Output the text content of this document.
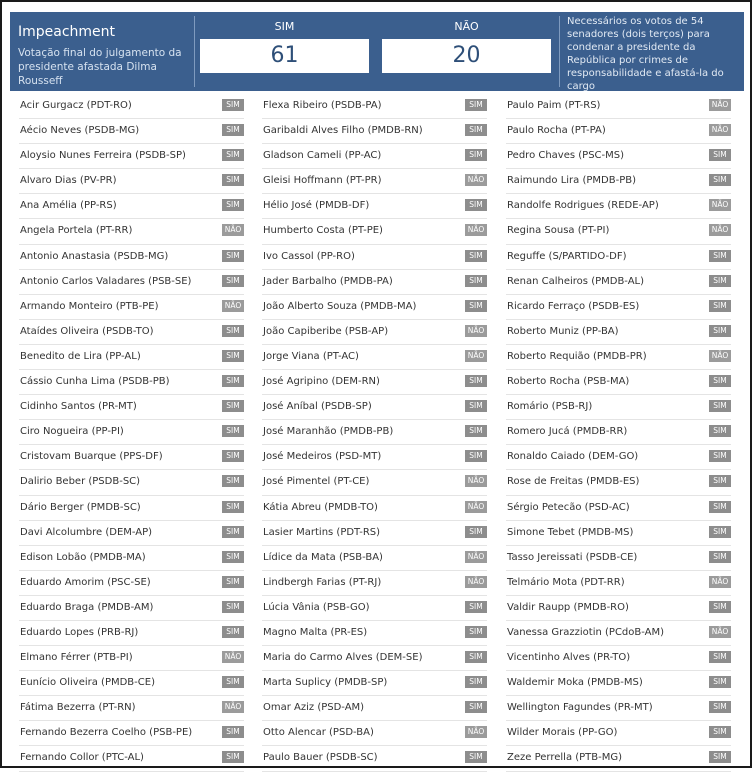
Impeachment
Votação final do julgamento da presidente afastada Dilma Rousseff
SIM
61
NÃO
20
Necessários os votos de 54 senadores (dois terços) para condenar a presidente da República por crimes de responsabilidade e afastá-la do cargo
Veja como votaram os senadores ❯
Acir Gurgacz (PDT-RO)	SIM
Aécio Neves (PSDB-MG)	SIM
Aloysio Nunes Ferreira (PSDB-SP)	SIM
Alvaro Dias (PV-PR)	SIM
Ana Amélia (PP-RS)	SIM
Angela Portela (PT-RR)	NÃO
Antonio Anastasia (PSDB-MG)	SIM
Antonio Carlos Valadares (PSB-SE)	SIM
Armando Monteiro (PTB-PE)	NÃO
Ataídes Oliveira (PSDB-TO)	SIM
Benedito de Lira (PP-AL)	SIM
Cássio Cunha Lima (PSDB-PB)	SIM
Cidinho Santos (PR-MT)	SIM
Ciro Nogueira (PP-PI)	SIM
Cristovam Buarque (PPS-DF)	SIM
Dalirio Beber (PSDB-SC)	SIM
Dário Berger (PMDB-SC)	SIM
Davi Alcolumbre (DEM-AP)	SIM
Edison Lobão (PMDB-MA)	SIM
Eduardo Amorim (PSC-SE)	SIM
Eduardo Braga (PMDB-AM)	SIM
Eduardo Lopes (PRB-RJ)	SIM
Elmano Férrer (PTB-PI)	NÃO
Eunício Oliveira (PMDB-CE)	SIM
Fátima Bezerra (PT-RN)	NÃO
Fernando Bezerra Coelho (PSB-PE)	SIM
Fernando Collor (PTC-AL)	SIM
Flexa Ribeiro (PSDB-PA)	SIM
Garibaldi Alves Filho (PMDB-RN)	SIM
Gladson Cameli (PP-AC)	SIM
Gleisi Hoffmann (PT-PR)	NÃO
Hélio José (PMDB-DF)	SIM
Humberto Costa (PT-PE)	NÃO
Ivo Cassol (PP-RO)	SIM
Jader Barbalho (PMDB-PA)	SIM
João Alberto Souza (PMDB-MA)	SIM
João Capiberibe (PSB-AP)	NÃO
Jorge Viana (PT-AC)	NÃO
José Agripino (DEM-RN)	SIM
José Aníbal (PSDB-SP)	SIM
José Maranhão (PMDB-PB)	SIM
José Medeiros (PSD-MT)	SIM
José Pimentel (PT-CE)	NÃO
Kátia Abreu (PMDB-TO)	NÃO
Lasier Martins (PDT-RS)	SIM
Lídice da Mata (PSB-BA)	NÃO
Lindbergh Farias (PT-RJ)	NÃO
Lúcia Vânia (PSB-GO)	SIM
Magno Malta (PR-ES)	SIM
Maria do Carmo Alves (DEM-SE)	SIM
Marta Suplicy (PMDB-SP)	SIM
Omar Aziz (PSD-AM)	SIM
Otto Alencar (PSD-BA)	NÃO
Paulo Bauer (PSDB-SC)	SIM
Paulo Paim (PT-RS)	NÃO
Paulo Rocha (PT-PA)	NÃO
Pedro Chaves (PSC-MS)	SIM
Raimundo Lira (PMDB-PB)	SIM
Randolfe Rodrigues (REDE-AP)	NÃO
Regina Sousa (PT-PI)	NÃO
Reguffe (S/PARTIDO-DF)	SIM
Renan Calheiros (PMDB-AL)	SIM
Ricardo Ferraço (PSDB-ES)	SIM
Roberto Muniz (PP-BA)	SIM
Roberto Requião (PMDB-PR)	NÃO
Roberto Rocha (PSB-MA)	SIM
Romário (PSB-RJ)	SIM
Romero Jucá (PMDB-RR)	SIM
Ronaldo Caiado (DEM-GO)	SIM
Rose de Freitas (PMDB-ES)	SIM
Sérgio Petecão (PSD-AC)	SIM
Simone Tebet (PMDB-MS)	SIM
Tasso Jereissati (PSDB-CE)	SIM
Telmário Mota (PDT-RR)	NÃO
Valdir Raupp (PMDB-RO)	SIM
Vanessa Grazziotin (PCdoB-AM)	NÃO
Vicentinho Alves (PR-TO)	SIM
Waldemir Moka (PMDB-MS)	SIM
Wellington Fagundes (PR-MT)	SIM
Wilder Morais (PP-GO)	SIM
Zeze Perrella (PTB-MG)	SIM
